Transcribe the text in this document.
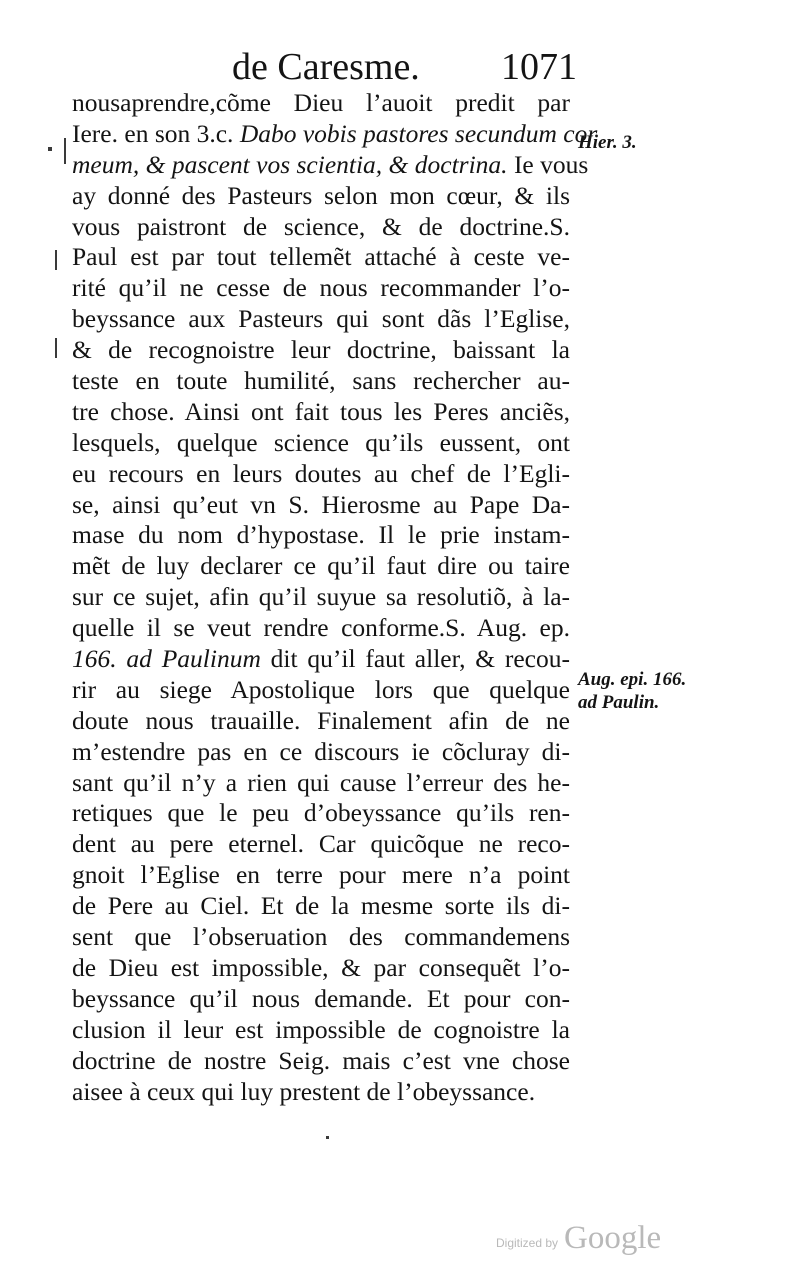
de Caresme. 1071
nousaprendre,cõme Dieu l’auoit predit par
Iere. en son 3.c. Dabo vobis pastores secundum cor
meum, & pascent vos scientia, & doctrina. Ie vous
ay donné des Pasteurs selon mon cœur, & ils
vous paistront de science, & de doctrine.S.
Paul est par tout tellemẽt attaché à ceste ve-
rité qu’il ne cesse de nous recommander l’o-
beyssance aux Pasteurs qui sont dãs l’Eglise,
& de recognoistre leur doctrine, baissant la
teste en toute humilité, sans rechercher au-
tre chose. Ainsi ont fait tous les Peres anciẽs,
lesquels, quelque science qu’ils eussent, ont
eu recours en leurs doutes au chef de l’Egli-
se, ainsi qu’eut vn S. Hierosme au Pape Da-
mase du nom d’hypostase. Il le prie instam-
mẽt de luy declarer ce qu’il faut dire ou taire
sur ce sujet, afin qu’il suyue sa resolutiõ, à la-
quelle il se veut rendre conforme.S. Aug. ep.
166. ad Paulinum dit qu’il faut aller, & recou-
rir au siege Apostolique lors que quelque
doute nous trauaille. Finalement afin de ne
m’estendre pas en ce discours ie cõcluray di-
sant qu’il n’y a rien qui cause l’erreur des he-
retiques que le peu d’obeyssance qu’ils ren-
dent au pere eternel. Car quicõque ne reco-
gnoit l’Eglise en terre pour mere n’a point
de Pere au Ciel. Et de la mesme sorte ils di-
sent que l’obseruation des commandemens
de Dieu est impossible, & par consequẽt l’o-
beyssance qu’il nous demande. Et pour con-
clusion il leur est impossible de cognoistre la
doctrine de nostre Seig. mais c’est vne chose
aisee à ceux qui luy prestent de l’obeyssance.
Hier. 3.
Aug. epi. 166.
ad Paulin.
Digitized by Google
